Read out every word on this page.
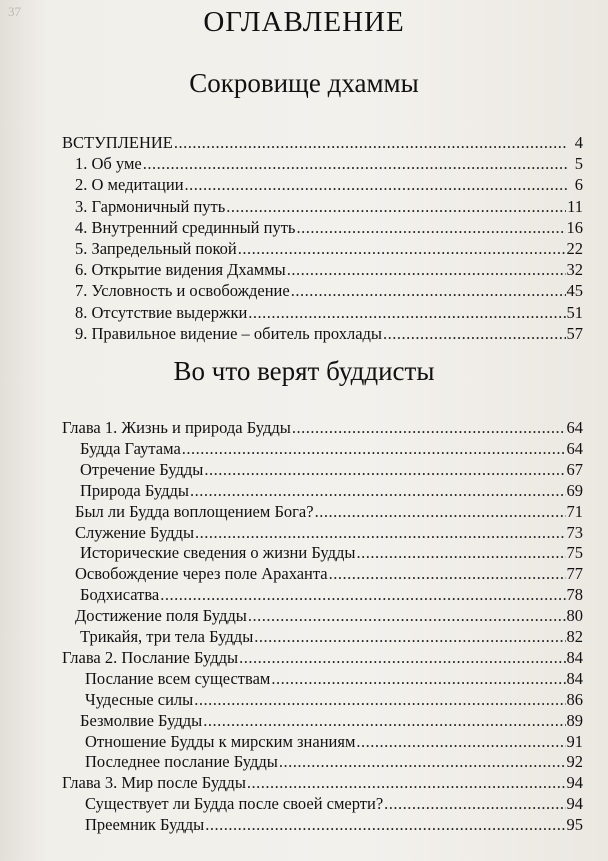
37	ОГЛАВЛЕНИЕ
Сокровище дхаммы
ВСТУПЛЕНИЕ .....	4
1. Об уме .....	5
2. О медитации .....	6
3. Гармоничный путь .....	11
4. Внутренний срединный путь .....	16
5. Запредельный покой .....	22
6. Открытие видения Дхаммы .....	32
7. Условность и освобождение .....	45
8. Отсутствие выдержки .....	51
9. Правильное видение – обитель прохлады .....	57
Во что верят буддисты
Глава 1. Жизнь и природа Будды .....	64
Будда Гаутама .....	64
Отречение Будды .....	67
Природа Будды .....	69
Был ли Будда воплощением Бога? .....	71
Служение Будды .....	73
Исторические сведения о жизни Будды .....	75
Освобождение через поле Араханта .....	77
Бодхисатва .....	78
Достижение поля Будды .....	80
Трикайя, три тела Будды .....	82
Глава 2. Послание Будды .....	84
Послание всем существам .....	84
Чудесные силы .....	86
Безмолвие Будды .....	89
Отношение Будды к мирским знаниям .....	91
Последнее послание Будды .....	92
Глава 3. Мир после Будды .....	94
Существует ли Будда после своей смерти? .....	94
Преемник Будды .....	95
